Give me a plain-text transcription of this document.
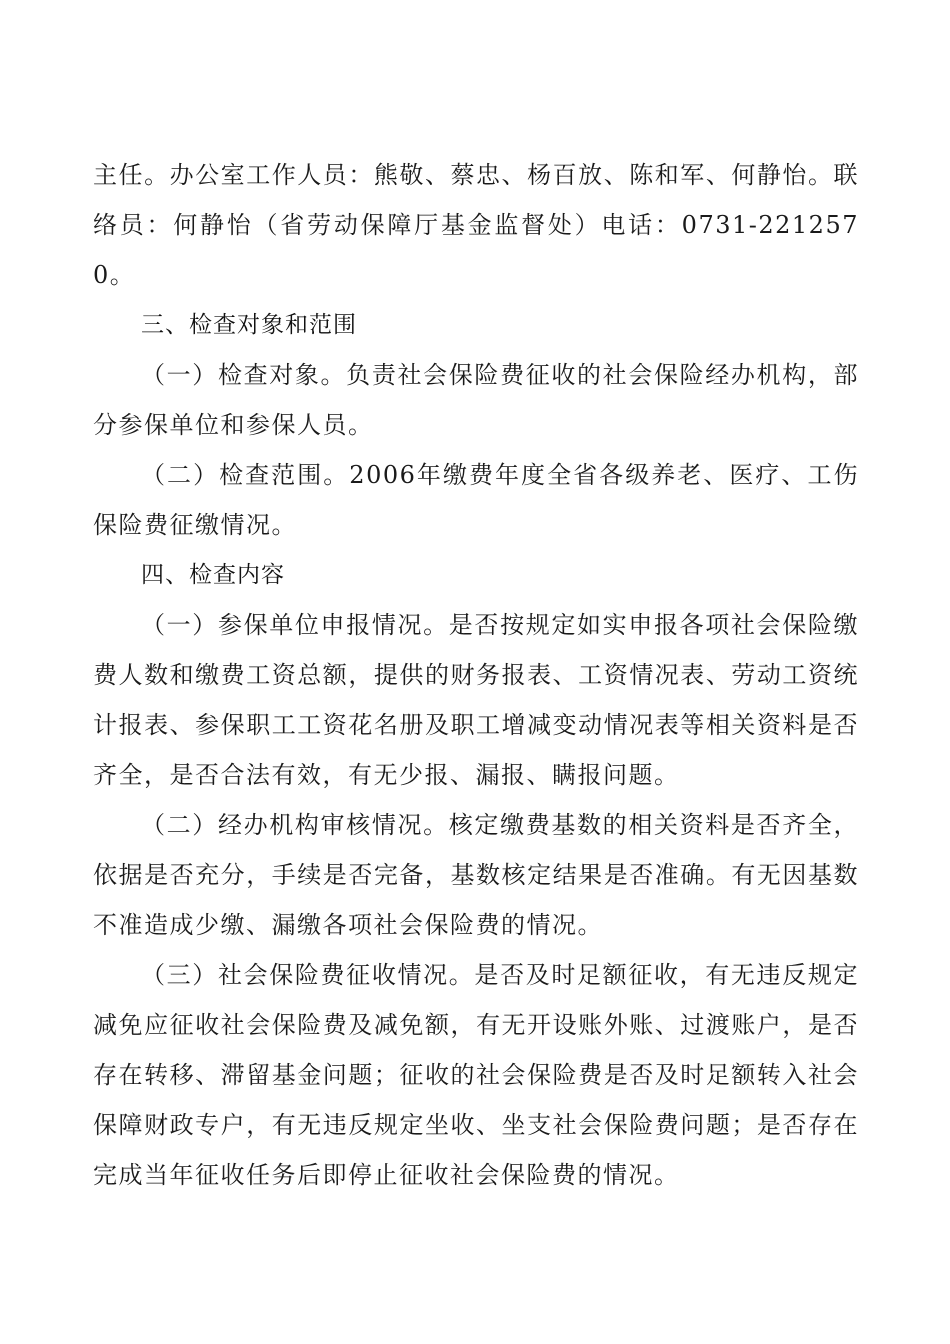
主任。办公室工作人员：熊敬、蔡忠、杨百放、陈和军、何静怡。联络员：何静怡（省劳动保障厅基金监督处）电话：0731-2212570。

三、检查对象和范围

（一）检查对象。负责社会保险费征收的社会保险经办机构，部分参保单位和参保人员。

（二）检查范围。2006年缴费年度全省各级养老、医疗、工伤保险费征缴情况。

四、检查内容

（一）参保单位申报情况。是否按规定如实申报各项社会保险缴费人数和缴费工资总额，提供的财务报表、工资情况表、劳动工资统计报表、参保职工工资花名册及职工增减变动情况表等相关资料是否齐全，是否合法有效，有无少报、漏报、瞒报问题。

（二）经办机构审核情况。核定缴费基数的相关资料是否齐全，依据是否充分，手续是否完备，基数核定结果是否准确。有无因基数不准造成少缴、漏缴各项社会保险费的情况。

（三）社会保险费征收情况。是否及时足额征收，有无违反规定减免应征收社会保险费及减免额，有无开设账外账、过渡账户，是否存在转移、滞留基金问题；征收的社会保险费是否及时足额转入社会保障财政专户，有无违反规定坐收、坐支社会保险费问题；是否存在完成当年征收任务后即停止征收社会保险费的情况。
